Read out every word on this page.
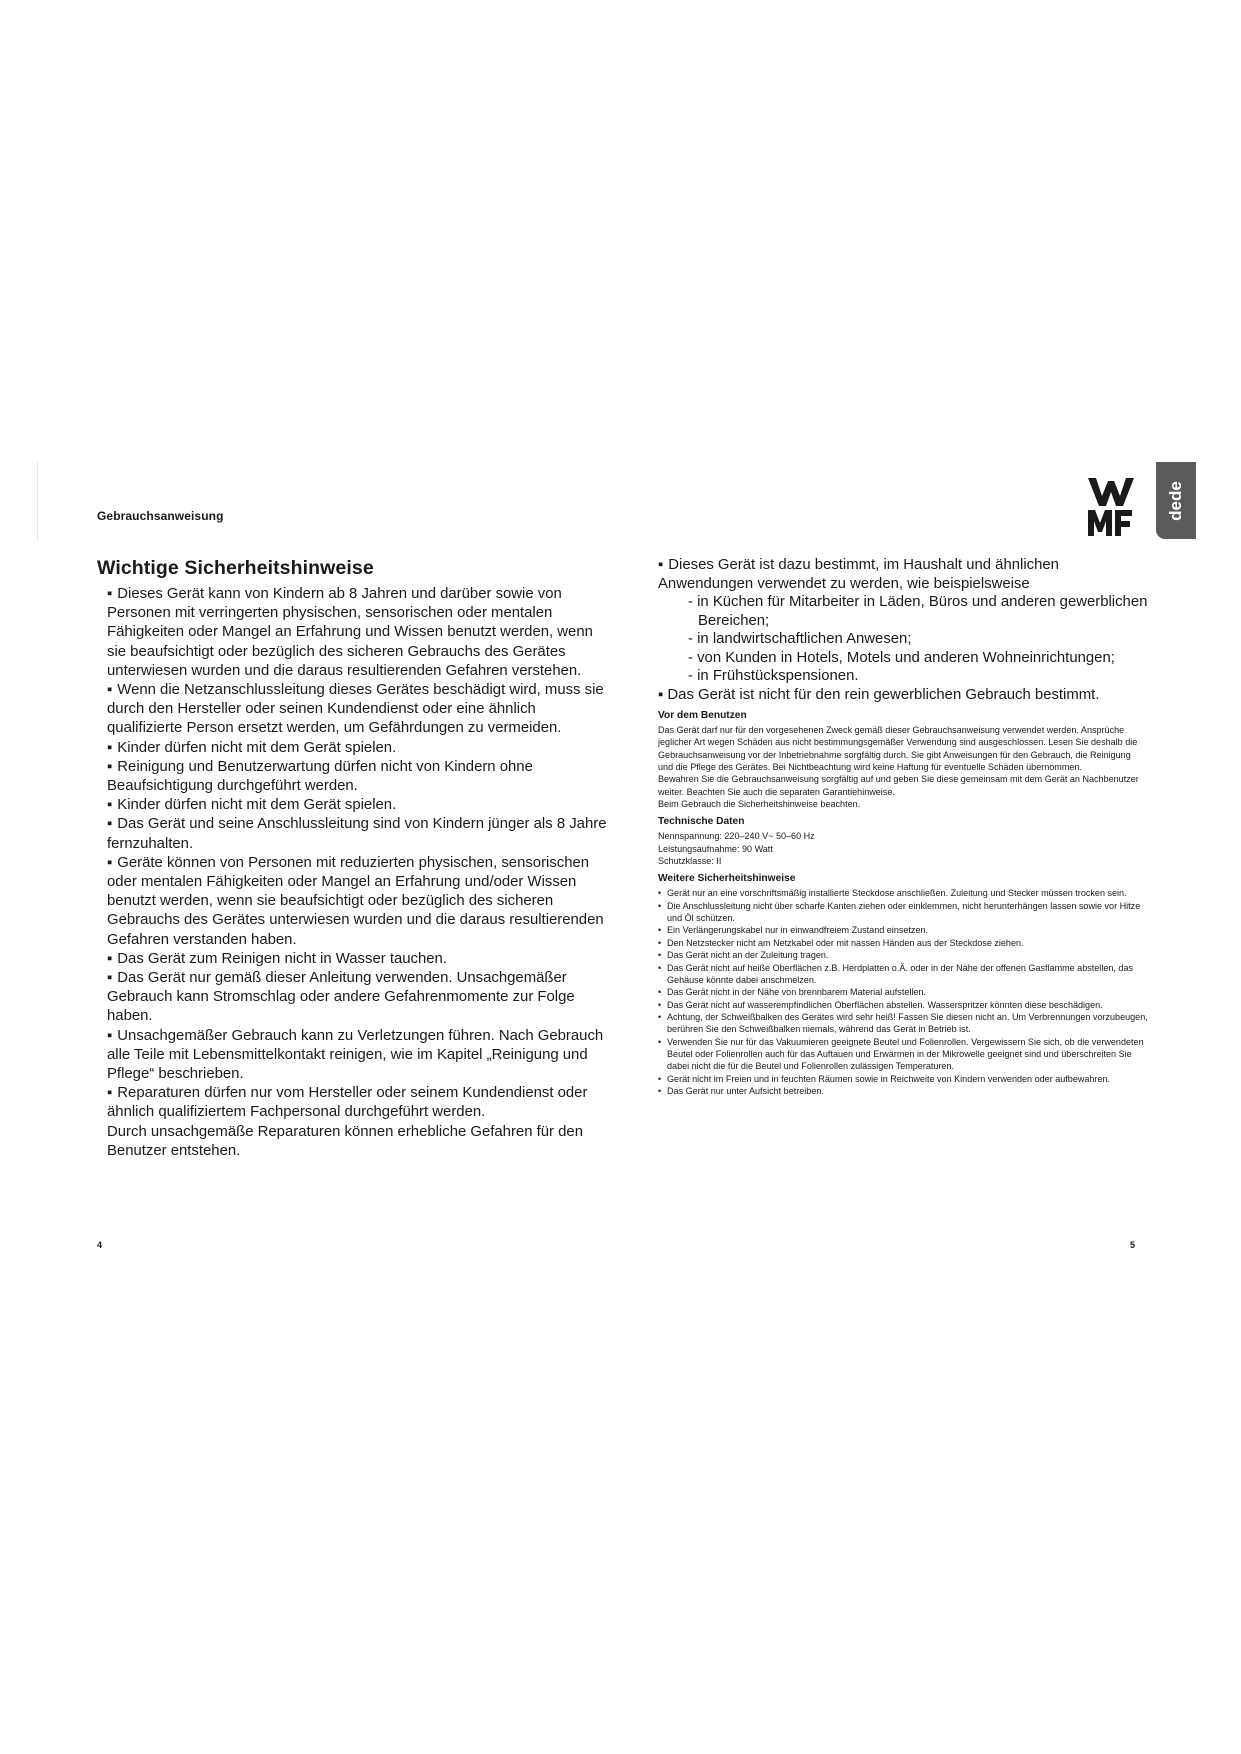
Gebrauchsanweisung	dede
Wichtige Sicherheitshinweise
▪ Dieses Gerät kann von Kindern ab 8 Jahren und darüber sowie von Personen mit verringerten physischen, sensorischen oder mentalen Fähigkeiten oder Mangel an Erfahrung und Wissen benutzt werden, wenn sie beaufsichtigt oder bezüglich des sicheren Gebrauchs des Gerätes unterwiesen wurden und die daraus resultierenden Gefahren verstehen.
▪ Wenn die Netzanschlussleitung dieses Gerätes beschädigt wird, muss sie durch den Hersteller oder seinen Kundendienst oder eine ähnlich qualifizierte Person ersetzt werden, um Gefährdungen zu vermeiden.
▪ Kinder dürfen nicht mit dem Gerät spielen.
▪ Reinigung und Benutzerwartung dürfen nicht von Kindern ohne Beaufsichtigung durchgeführt werden.
▪ Kinder dürfen nicht mit dem Gerät spielen.
▪ Das Gerät und seine Anschlussleitung sind von Kindern jünger als 8 Jahre fernzuhalten.
▪ Geräte können von Personen mit reduzierten physischen, sensorischen oder mentalen Fähigkeiten oder Mangel an Erfahrung und/oder Wissen benutzt werden, wenn sie beaufsichtigt oder bezüglich des sicheren Gebrauchs des Gerätes unterwiesen wurden und die daraus resultierenden Gefahren verstanden haben.
▪ Das Gerät zum Reinigen nicht in Wasser tauchen.
▪ Das Gerät nur gemäß dieser Anleitung verwenden. Unsachgemäßer Gebrauch kann Stromschlag oder andere Gefahrenmomente zur Folge haben.
▪ Unsachgemäßer Gebrauch kann zu Verletzungen führen. Nach Gebrauch alle Teile mit Lebensmittelkontakt reinigen, wie im Kapitel „Reinigung und Pflege“ beschrieben.
▪ Reparaturen dürfen nur vom Hersteller oder seinem Kundendienst oder ähnlich qualifiziertem Fachpersonal durchgeführt werden.
Durch unsachgemäße Reparaturen können erhebliche Gefahren für den Benutzer entstehen.

▪ Dieses Gerät ist dazu bestimmt, im Haushalt und ähnlichen Anwendungen verwendet zu werden, wie beispielsweise

- in Küchen für Mitarbeiter in Läden, Büros und anderen gewerblichen Bereichen;
- in landwirtschaftlichen Anwesen;
- von Kunden in Hotels, Motels und anderen Wohneinrichtungen;
- in Frühstückspensionen.

▪ Das Gerät ist nicht für den rein gewerblichen Gebrauch bestimmt.

Vor dem Benutzen

Das Gerät darf nur für den vorgesehenen Zweck gemäß dieser Gebrauchsanweisung verwendet werden. Ansprüche jeglicher Art wegen Schäden aus nicht bestimmungsgemäßer Verwendung sind ausgeschlossen. Lesen Sie deshalb die Gebrauchsanweisung vor der Inbetriebnahme sorgfältig durch. Sie gibt Anweisungen für den Gebrauch, die Reinigung und die Pflege des Gerätes. Bei Nichtbeachtung wird keine Haftung für eventuelle Schäden übernommen.

Bewahren Sie die Gebrauchsanweisung sorgfältig auf und geben Sie diese gemeinsam mit dem Gerät an Nachbenutzer weiter. Beachten Sie auch die separaten Garantiehinweise.

Beim Gebrauch die Sicherheitshinweise beachten.

Technische Daten
Nennspannung: 220–240 V~ 50–60 Hz
Leistungsaufnahme: 90 Watt
Schutzklasse: II
Weitere Sicherheitshinweise
• Gerät nur an eine vorschriftsmäßig installierte Steckdose anschließen. Zuleitung und Stecker müssen trocken sein.
• Die Anschlussleitung nicht über scharfe Kanten ziehen oder einklemmen, nicht herunterhängen lassen sowie vor Hitze und Öl schützen.
• Ein Verlängerungskabel nur in einwandfreiem Zustand einsetzen.
• Den Netzstecker nicht am Netzkabel oder mit nassen Händen aus der Steckdose ziehen.
• Das Gerät nicht an der Zuleitung tragen.
• Das Gerät nicht auf heiße Oberflächen z.B. Herdplatten o.Ä. oder in der Nähe der offenen Gasflamme abstellen, das Gehäuse könnte dabei anschmelzen.
• Das Gerät nicht in der Nähe von brennbarem Material aufstellen.
• Das Gerät nicht auf wasserempfindlichen Oberflächen abstellen. Wasserspritzer könnten diese beschädigen.
• Achtung, der Schweißbalken des Gerätes wird sehr heiß! Fassen Sie diesen nicht an. Um Verbrennungen vorzubeugen, berühren Sie den Schweißbalken niemals, während das Gerät in Betrieb ist.
• Verwenden Sie nur für das Vakuumieren geeignete Beutel und Folienrollen. Vergewissern Sie sich, ob die verwendeten Beutel oder Folienrollen auch für das Auftauen und Erwärmen in der Mikrowelle geeignet sind und überschreiten Sie dabei nicht die für die Beutel und Folienrollen zulässigen Temperaturen.
• Gerät nicht im Freien und in feuchten Räumen sowie in Reichweite von Kindern verwenden oder aufbewahren.
• Das Gerät nur unter Aufsicht betreiben.
4	5
